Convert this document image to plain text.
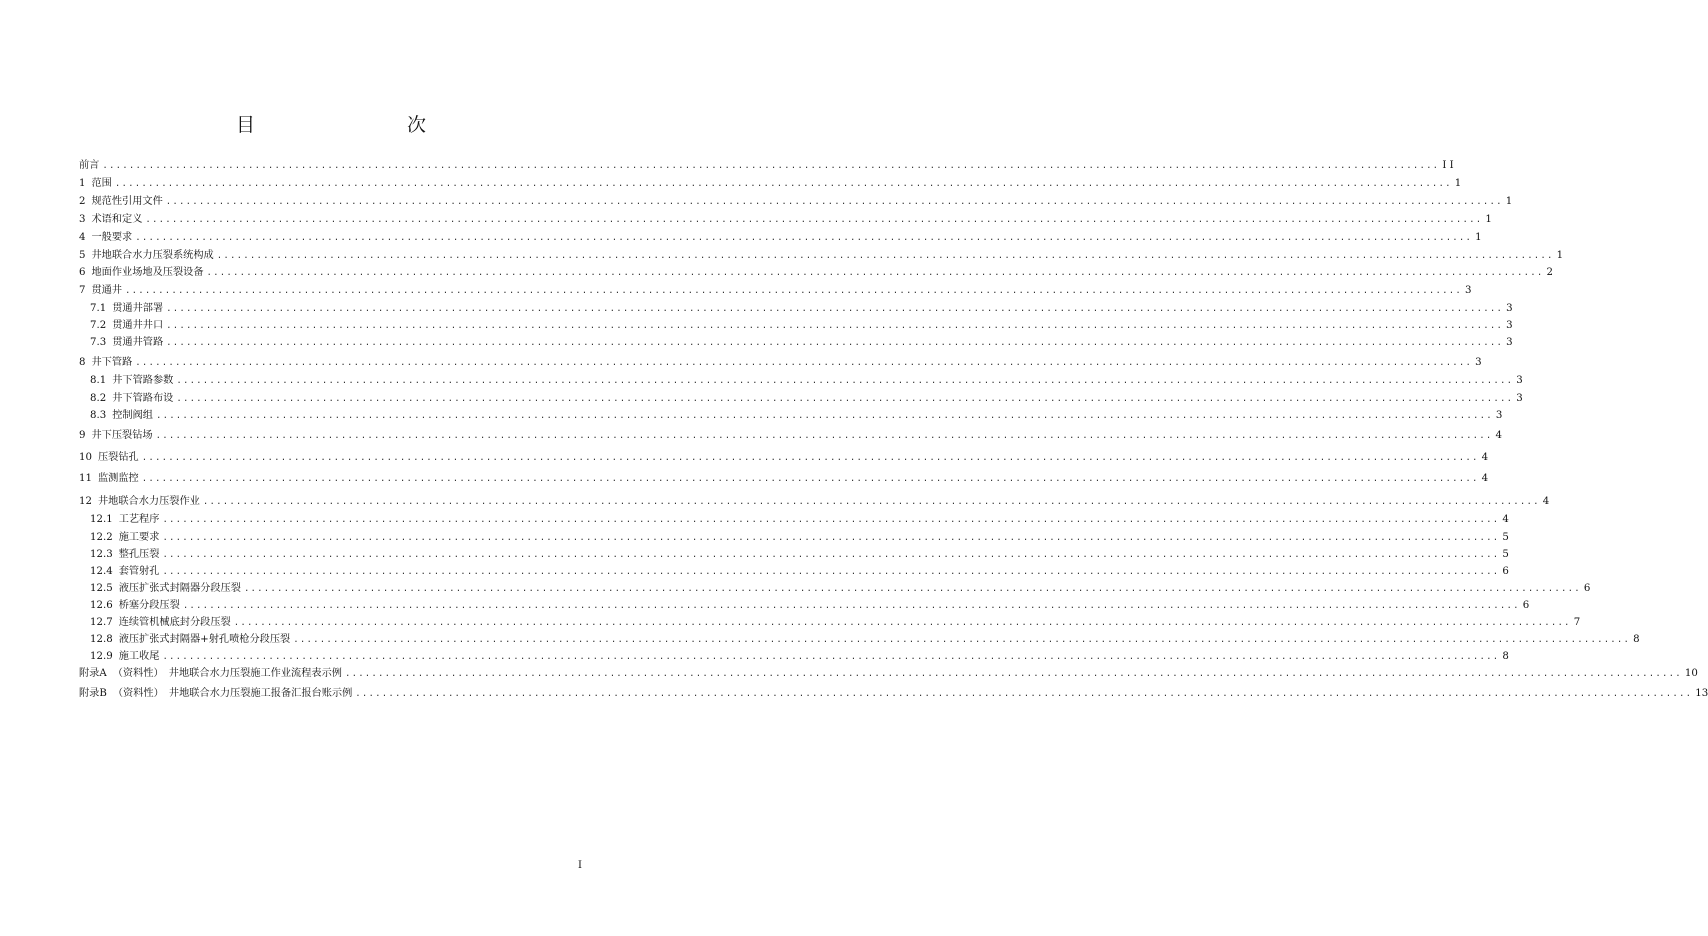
目　　次
前言 .......................................................................................................................................................................................................... I I
1 范围 .......................................................................................................................................................................................................... 1
2 规范性引用文件 .......................................................................................................................................................................................................... 1
3 术语和定义 .......................................................................................................................................................................................................... 1
4 一般要求 .......................................................................................................................................................................................................... 1
5 井地联合水力压裂系统构成 .......................................................................................................................................................................................................... 1
6 地面作业场地及压裂设备 .......................................................................................................................................................................................................... 2
7 贯通井 .......................................................................................................................................................................................................... 3
7.1 贯通井部署 .......................................................................................................................................................................................................... 3
7.2 贯通井井口 .......................................................................................................................................................................................................... 3
7.3 贯通井管路 .......................................................................................................................................................................................................... 3
8 井下管路 .......................................................................................................................................................................................................... 3
8.1 井下管路参数 .......................................................................................................................................................................................................... 3
8.2 井下管路布设 .......................................................................................................................................................................................................... 3
8.3 控制阀组 .......................................................................................................................................................................................................... 3
9 井下压裂钻场 .......................................................................................................................................................................................................... 4
10 压裂钻孔 .......................................................................................................................................................................................................... 4
11 监测监控 .......................................................................................................................................................................................................... 4
12 井地联合水力压裂作业 .......................................................................................................................................................................................................... 4
12.1 工艺程序 .......................................................................................................................................................................................................... 4
12.2 施工要求 .......................................................................................................................................................................................................... 5
12.3 整孔压裂 .......................................................................................................................................................................................................... 5
12.4 套管射孔 .......................................................................................................................................................................................................... 6
12.5 液压扩张式封隔器分段压裂 .......................................................................................................................................................................................................... 6
12.6 桥塞分段压裂 .......................................................................................................................................................................................................... 6
12.7 连续管机械底封分段压裂 .......................................................................................................................................................................................................... 7
12.8 液压扩张式封隔器+射孔喷枪分段压裂 .......................................................................................................................................................................................................... 8
12.9 施工收尾 .......................................................................................................................................................................................................... 8
附录A （资料性）　井地联合水力压裂施工作业流程表示例 .......................................................................................................................................................................................................... 10
附录B （资料性）　井地联合水力压裂施工报备汇报台账示例 .......................................................................................................................................................................................................... 13
I
